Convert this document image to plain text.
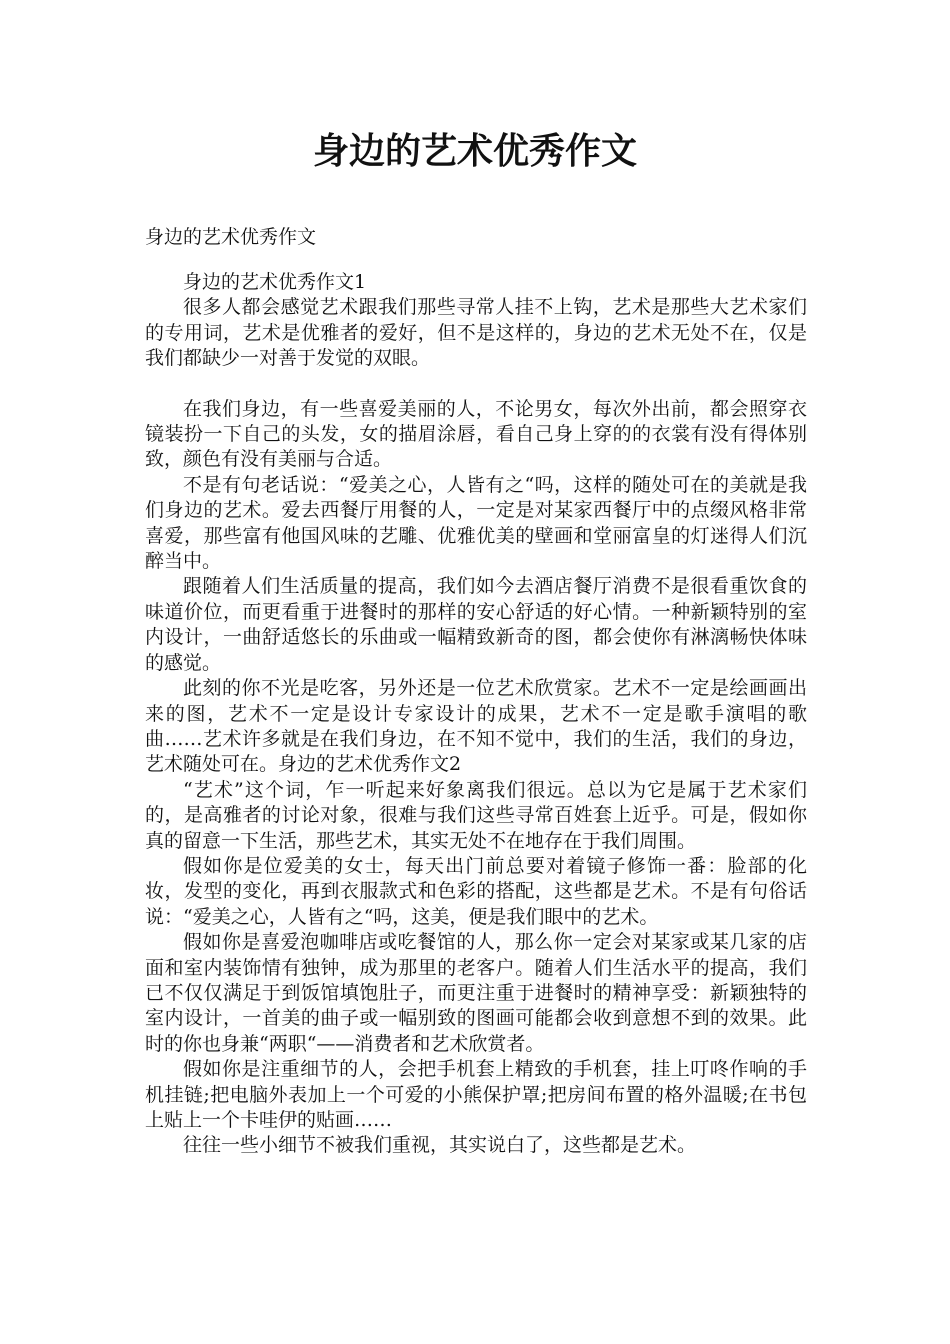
身边的艺术优秀作文

身边的艺术优秀作文

身边的艺术优秀作文1

很多人都会感觉艺术跟我们那些寻常人挂不上钩，艺术是那些大艺术家们的专用词，艺术是优雅者的爱好，但不是这样的，身边的艺术无处不在，仅是我们都缺少一对善于发觉的双眼。

在我们身边，有一些喜爱美丽的人，不论男女，每次外出前，都会照穿衣镜装扮一下自己的头发，女的描眉涂唇，看自己身上穿的的衣裳有没有得体别致，颜色有没有美丽与合适。

不是有句老话说：“爱美之心，人皆有之“吗，这样的随处可在的美就是我们身边的艺术。爱去西餐厅用餐的人，一定是对某家西餐厅中的点缀风格非常喜爱，那些富有他国风味的艺雕、优雅优美的壁画和堂丽富皇的灯迷得人们沉醉当中。

跟随着人们生活质量的提高，我们如今去酒店餐厅消费不是很看重饮食的味道价位，而更看重于进餐时的那样的安心舒适的好心情。一种新颖特别的室内设计，一曲舒适悠长的乐曲或一幅精致新奇的图，都会使你有淋漓畅快体味的感觉。

此刻的你不光是吃客，另外还是一位艺术欣赏家。艺术不一定是绘画画出来的图，艺术不一定是设计专家设计的成果，艺术不一定是歌手演唱的歌曲……艺术许多就是在我们身边，在不知不觉中，我们的生活，我们的身边，艺术随处可在。身边的艺术优秀作文2

“艺术”这个词，乍一听起来好象离我们很远。总以为它是属于艺术家们的，是高雅者的讨论对象，很难与我们这些寻常百姓套上近乎。可是，假如你真的留意一下生活，那些艺术，其实无处不在地存在于我们周围。

假如你是位爱美的女士，每天出门前总要对着镜子修饰一番：脸部的化妆，发型的变化，再到衣服款式和色彩的搭配，这些都是艺术。不是有句俗话说：“爱美之心，人皆有之“吗，这美，便是我们眼中的艺术。

假如你是喜爱泡咖啡店或吃餐馆的人，那么你一定会对某家或某几家的店面和室内装饰情有独钟，成为那里的老客户。随着人们生活水平的提高，我们已不仅仅满足于到饭馆填饱肚子，而更注重于进餐时的精神享受：新颖独特的室内设计，一首美的曲子或一幅别致的图画可能都会收到意想不到的效果。此时的你也身兼“两职“——消费者和艺术欣赏者。

假如你是注重细节的人，会把手机套上精致的手机套，挂上叮咚作响的手机挂链;把电脑外表加上一个可爱的小熊保护罩;把房间布置的格外温暖;在书包上贴上一个卡哇伊的贴画……

往往一些小细节不被我们重视，其实说白了，这些都是艺术。
